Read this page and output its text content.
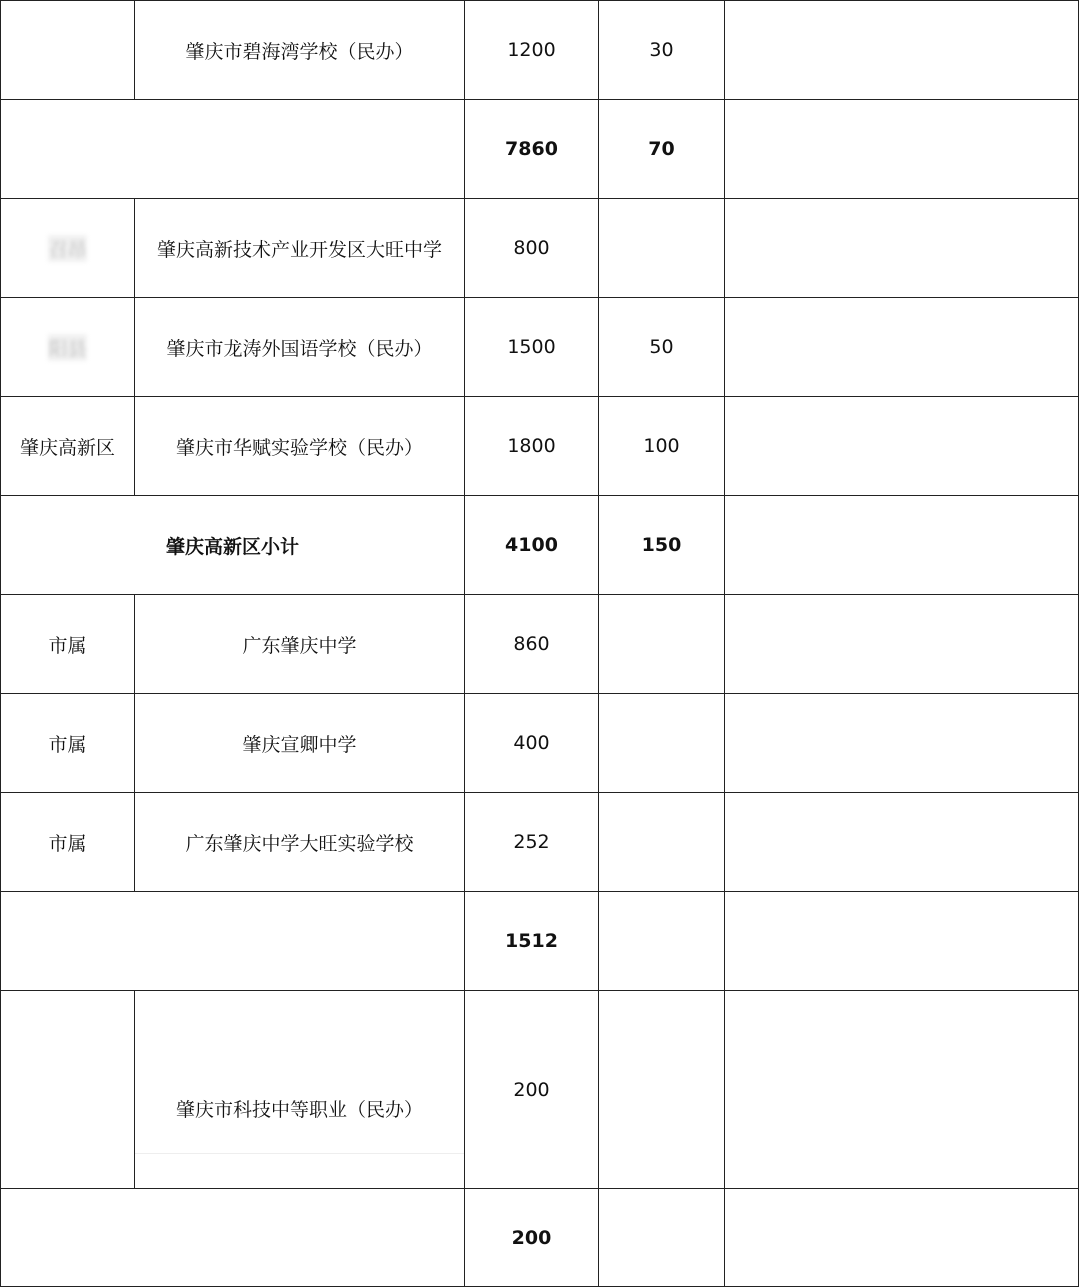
	肇庆市碧海湾学校（民办）	1200	30	
		7860	70	
召昂	肇庆高新技术产业开发区大旺中学	800		
阳县	肇庆市龙涛外国语学校（民办）	1500	50	
肇庆高新区	肇庆市华赋实验学校（民办）	1800	100	
肇庆高新区小计		4100	150	
市属	广东肇庆中学	860		
市属	肇庆宣卿中学	400		
市属	广东肇庆中学大旺实验学校	252		
		1512		

	肇庆市科技中等职业（民办）	200		
		200		
